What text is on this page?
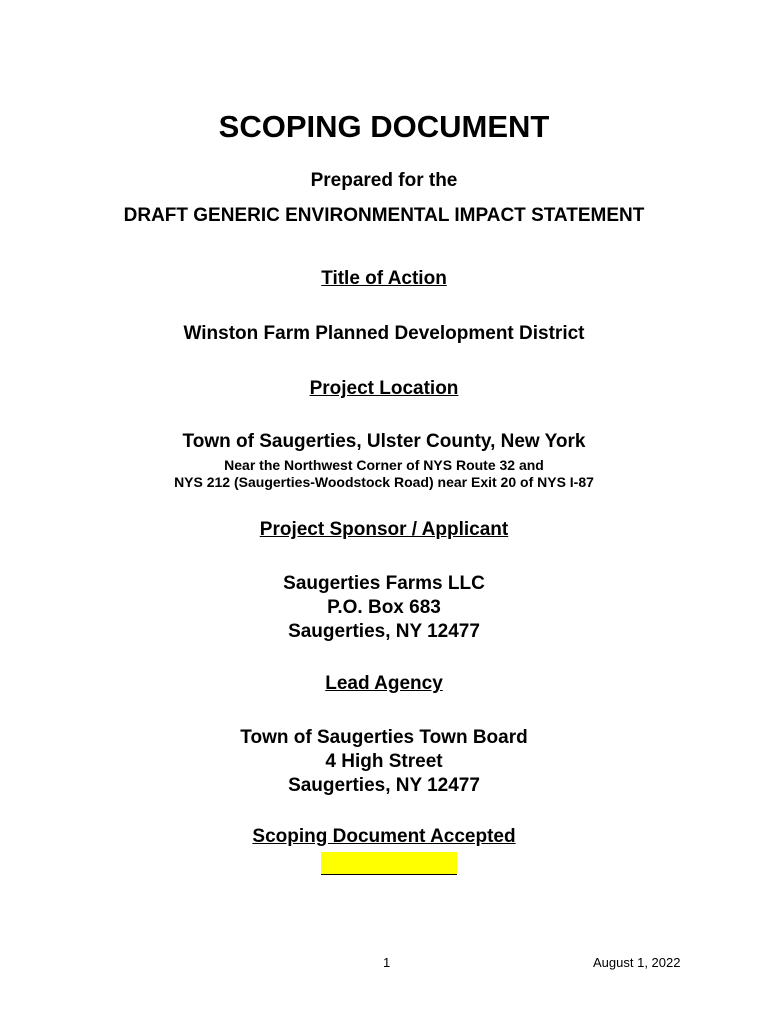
SCOPING DOCUMENT
Prepared for the
DRAFT GENERIC ENVIRONMENTAL IMPACT STATEMENT
Title of Action
Winston Farm Planned Development District
Project Location
Town of Saugerties, Ulster County, New York
Near the Northwest Corner of NYS Route 32 and
NYS 212 (Saugerties-Woodstock Road) near Exit 20 of NYS I-87
Project Sponsor / Applicant
Saugerties Farms LLC
P.O. Box 683
Saugerties, NY 12477
Lead Agency
Town of Saugerties Town Board
4 High Street
Saugerties, NY 12477
Scoping Document Accepted
1	August 1, 2022
